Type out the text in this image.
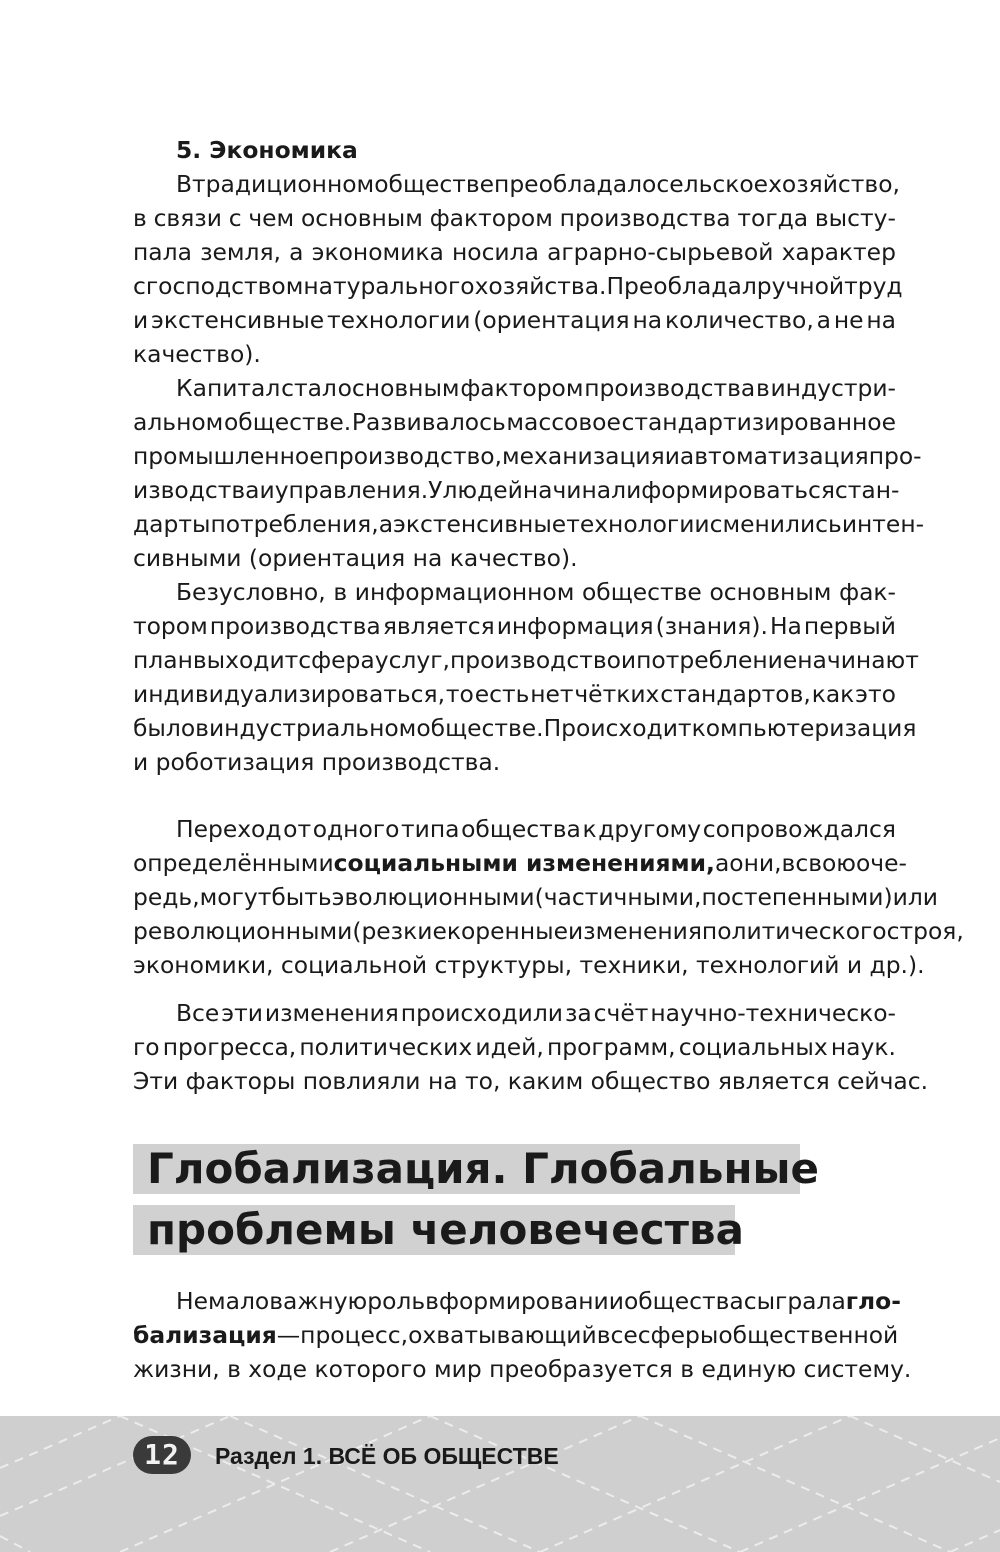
5. Экономика
В традиционном обществе преобладало сельское хозяйство,
в связи с чем основным фактором производства тогда высту-
пала земля, а экономика носила аграрно-сырьевой характер
с господством натурального хозяйства. Преобладал ручной труд
и экстенсивные технологии (ориентация на количество, а не на
качество).
Капитал стал основным фактором производства в индустри-
альном обществе. Развивалось массовое стандартизированное
промышленное производство, механизация и автоматизация про-
изводства и управления. У людей начинали формироваться стан-
дарты потребления, а экстенсивные технологии сменились интен-
сивными (ориентация на качество).
Безусловно, в информационном обществе основным фак-
тором производства является информация (знания). На первый
план выходит сфера услуг, производство и потребление начинают
индивидуализироваться, то есть нет чётких стандартов, как это
было в индустриальном обществе. Происходит компьютеризация
и роботизация производства.
Переход от одного типа общества к другому сопровождался
определёнными социальными изменениями, а они, в свою оче-
редь, могут быть эволюционными (частичными, постепенными) или
революционными (резкие коренные изменения политического строя,
экономики, социальной структуры, техники, технологий и др.).
Все эти изменения происходили за счёт научно-техническо-
го прогресса, политических идей, программ, социальных наук.
Эти факторы повлияли на то, каким общество является сейчас.
Глобализация. Глобальные
проблемы человечества
Немаловажную роль в формировании общества сыграла гло-
бализация — процесс, охватывающий все сферы общественной
жизни, в ходе которого мир преобразуется в единую систему.
12	Раздел 1. ВСЁ ОБ ОБЩЕСТВЕ
